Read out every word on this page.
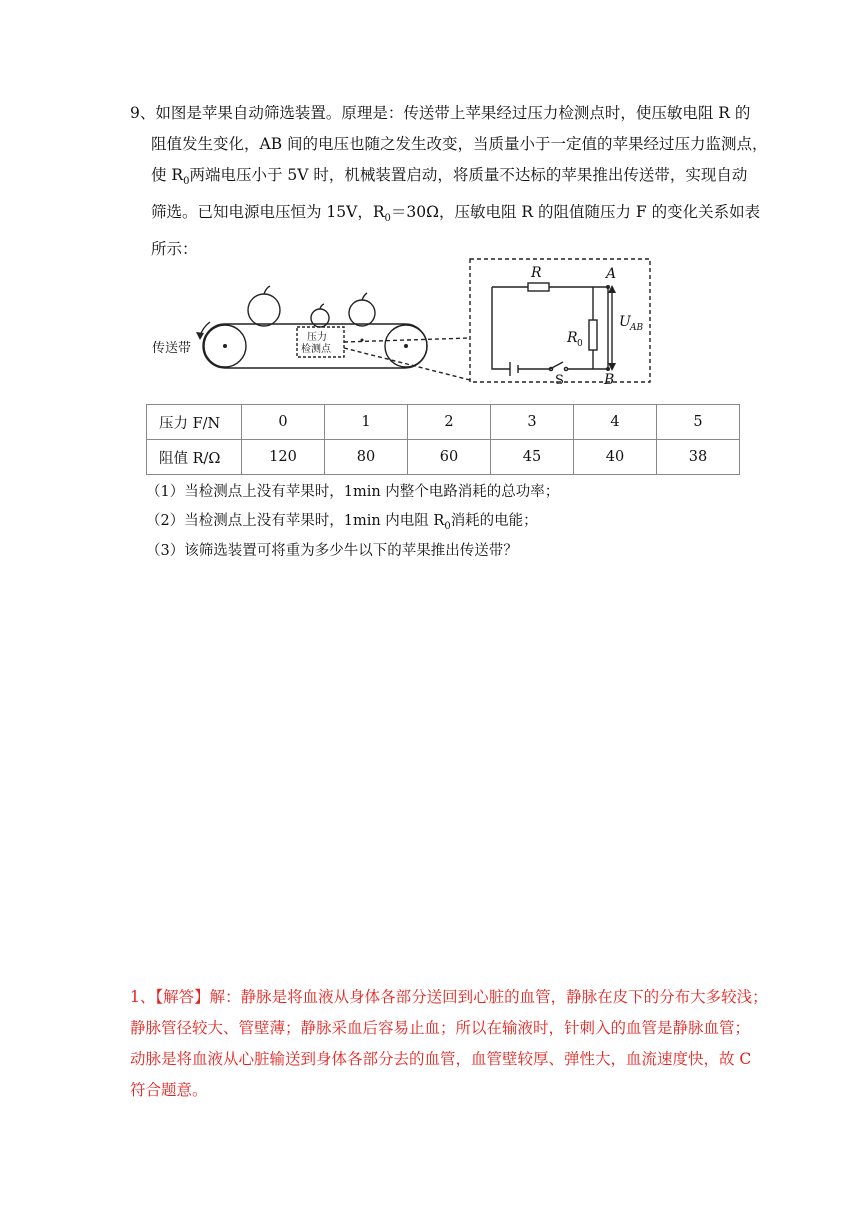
9、如图是苹果自动筛选装置。原理是：传送带上苹果经过压力检测点时，使压敏电阻 R 的
阻值发生变化，AB 间的电压也随之发生改变，当质量小于一定值的苹果经过压力监测点，
使 $R_0$两端电压小于 5V 时，机械装置启动，将质量不达标的苹果推出传送带，实现自动
筛选。已知电源电压恒为 15V，$R_0=30\Omega$，压敏电阻 R 的阻值随压力 F 的变化关系如表
所示：
传送带
压力
检测点
R	A
B
R 0
U AB
S
压力 F/N	0	1	2	3	4	5
阻值 R/Ω	120	80	60	45	40	38
（1）当检测点上没有苹果时，1min 内整个电路消耗的总功率；
（2）当检测点上没有苹果时，1min 内电阻 $R_0$消耗的电能；
（3）该筛选装置可将重为多少牛以下的苹果推出传送带？
1、【解答】解：静脉是将血液从身体各部分送回到心脏的血管，静脉在皮下的分布大多较浅；
静脉管径较大、管壁薄；静脉采血后容易止血；所以在输液时，针刺入的血管是静脉血管；
动脉是将血液从心脏输送到身体各部分去的血管，血管壁较厚、弹性大，血流速度快，故 C
符合题意。
